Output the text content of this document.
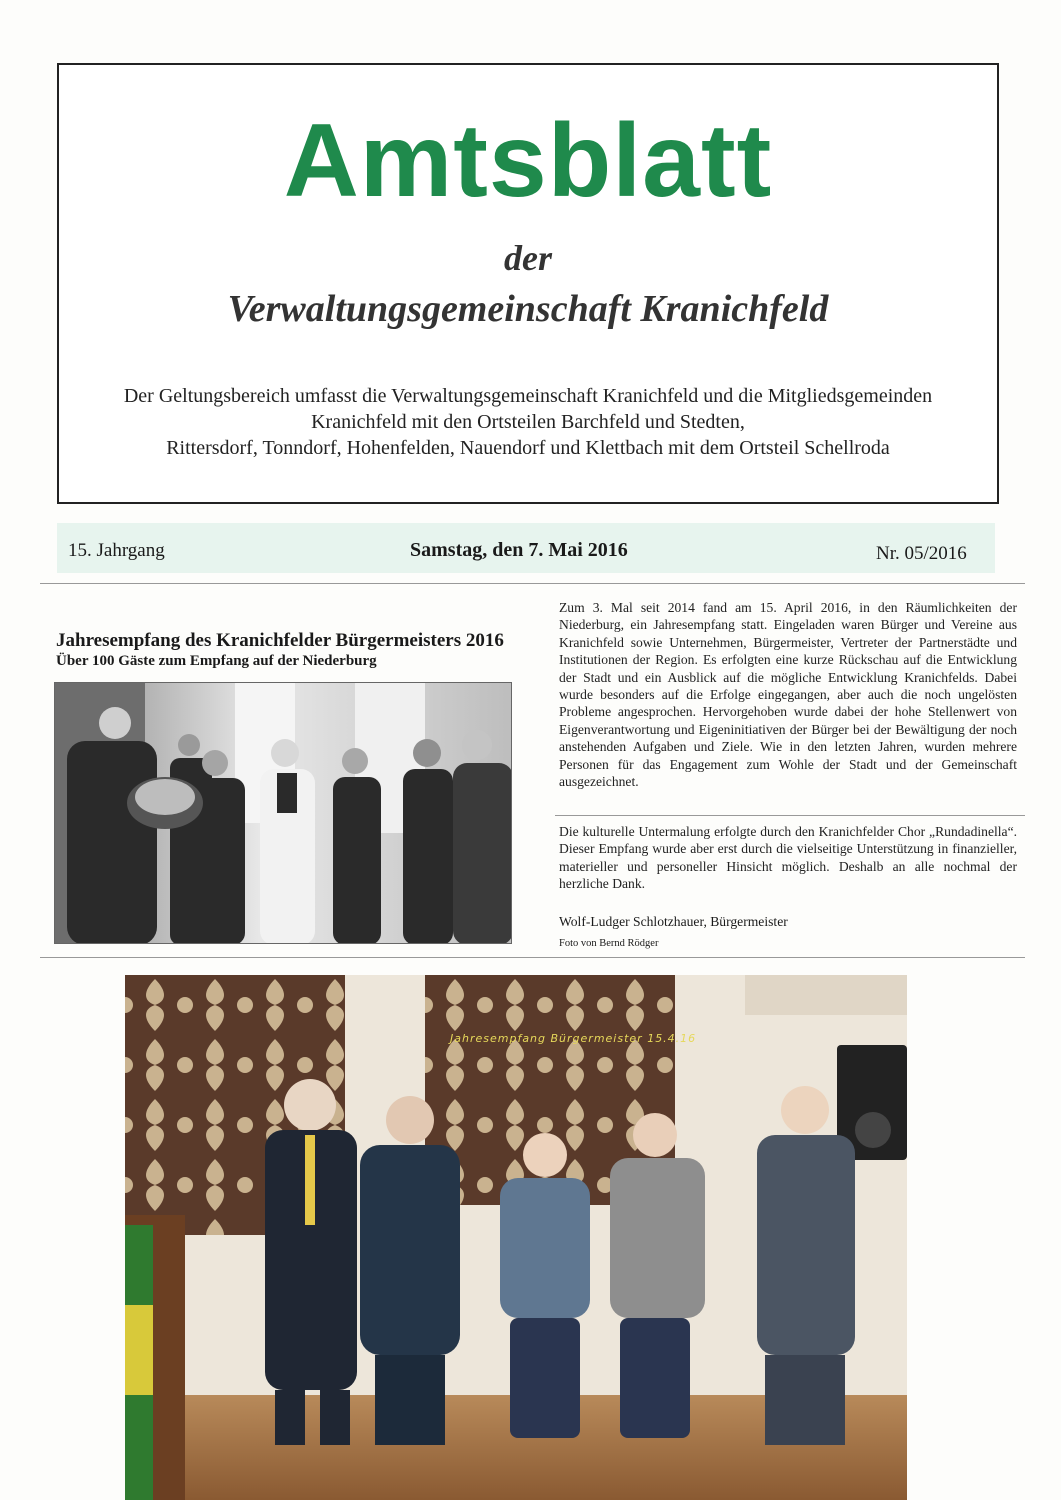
Amtsblatt
der
Verwaltungsgemeinschaft Kranichfeld
Der Geltungsbereich umfasst die Verwaltungsgemeinschaft Kranichfeld und die Mitgliedsgemeinden
Kranichfeld mit den Ortsteilen Barchfeld und Stedten,
Rittersdorf, Tonndorf, Hohenfelden, Nauendorf und Klettbach mit dem Ortsteil Schellroda
15. Jahrgang	Samstag, den 7. Mai 2016	Nr. 05/2016
Jahresempfang des Kranichfelder Bürgermeisters 2016
Über 100 Gäste zum Empfang auf der Niederburg
Zum 3. Mal seit 2014 fand am 15. April 2016, in den Räumlichkeiten der Niederburg, ein Jahresempfang statt. Eingeladen waren Bürger und Vereine aus Kranichfeld sowie Unternehmen, Bürgermeister, Vertreter der Partnerstädte und Institutionen der Region. Es erfolgten eine kurze Rückschau auf die Entwicklung der Stadt und ein Ausblick auf die mögliche Entwicklung Kranichfelds. Dabei wurde besonders auf die Erfolge eingegangen, aber auch die noch ungelösten Probleme angesprochen. Hervorgehoben wurde dabei der hohe Stellenwert von Eigenverantwortung und Eigeninitiativen der Bürger bei der Bewältigung der noch anstehenden Aufgaben und Ziele. Wie in den letzten Jahren, wurden mehrere Personen für das Engagement zum Wohle der Stadt und der Gemeinschaft ausgezeichnet.
Die kulturelle Untermalung erfolgte durch den Kranichfelder Chor „Rundadinella“. Dieser Empfang wurde aber erst durch die vielseitige Unterstützung in finanzieller, materieller und personeller Hinsicht möglich. Deshalb an alle nochmal der herzliche Dank.
Wolf-Ludger Schlotzhauer, Bürgermeister
Foto von Bernd Rödger
Jahresempfang Bürgermeister 15.4.16
